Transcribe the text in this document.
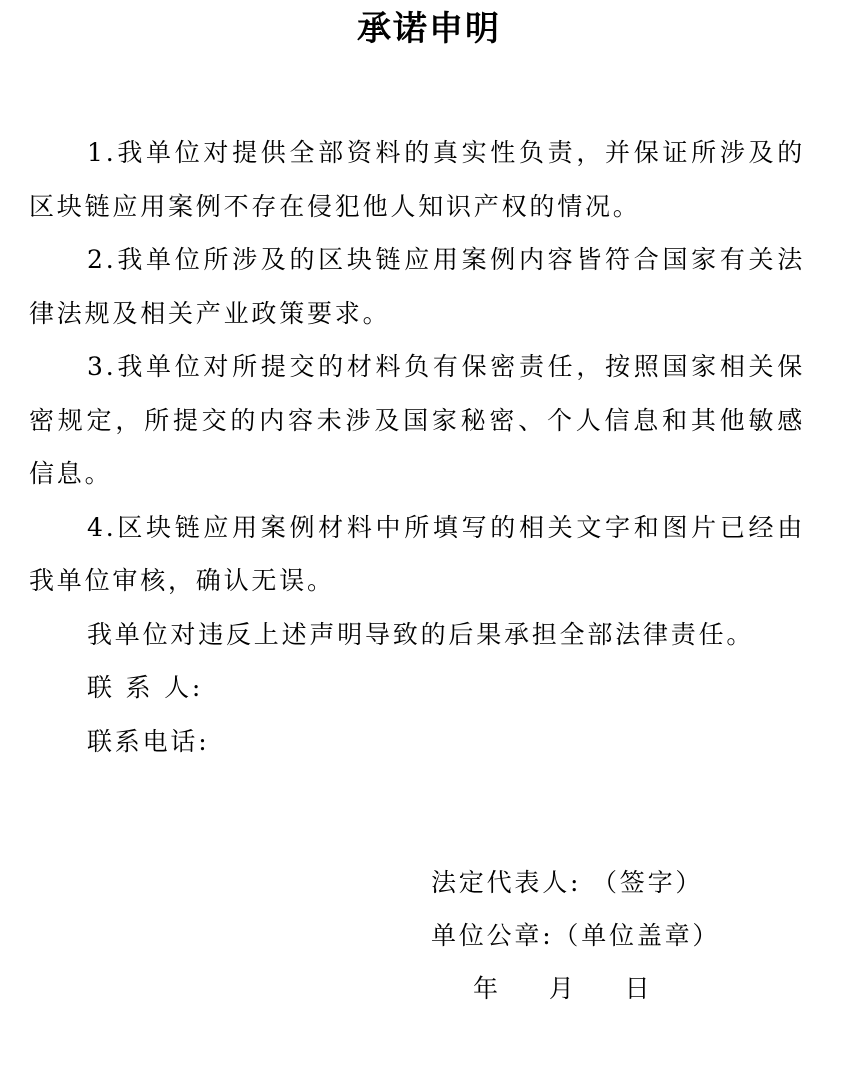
承诺申明

1.我单位对提供全部资料的真实性负责，并保证所涉及的区块链应用案例不存在侵犯他人知识产权的情况。

2.我单位所涉及的区块链应用案例内容皆符合国家有关法律法规及相关产业政策要求。

3.我单位对所提交的材料负有保密责任，按照国家相关保密规定，所提交的内容未涉及国家秘密、个人信息和其他敏感信息。

4.区块链应用案例材料中所填写的相关文字和图片已经由我单位审核，确认无误。

我单位对违反上述声明导致的后果承担全部法律责任。

联 系 人:

联系电话:

法定代表人: （签字）

单位公章:（单位盖章）

年 月 日
